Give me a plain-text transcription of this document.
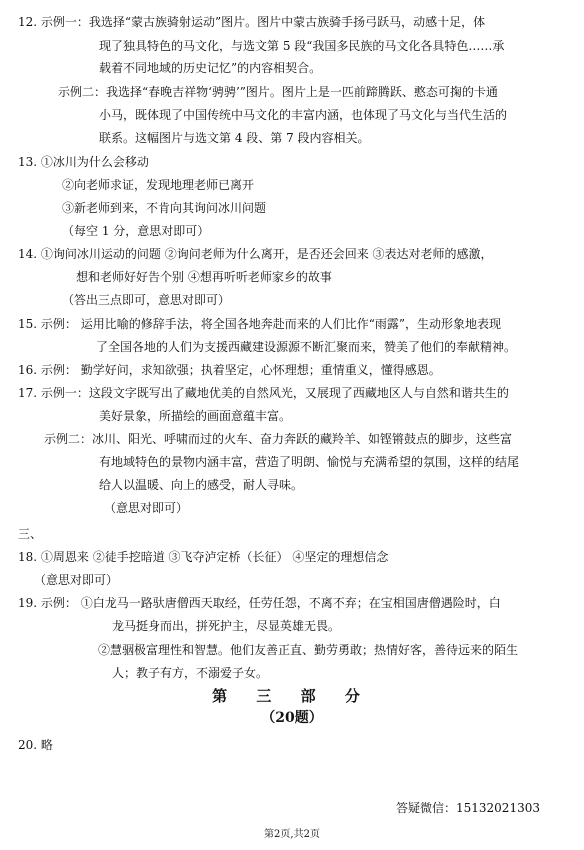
12. 示例一：我选择“蒙古族骑射运动”图片。图片中蒙古族骑手扬弓跃马，动感十足，体
现了独具特色的马文化，与选文第 5 段“我国多民族的马文化各具特色……承
载着不同地域的历史记忆”的内容相契合。
示例二：我选择“春晚吉祥物‘骋骋’”图片。图片上是一匹前蹄腾跃、憨态可掬的卡通
小马，既体现了中国传统中马文化的丰富内涵，也体现了马文化与当代生活的
联系。这幅图片与选文第 4 段、第 7 段内容相关。
13. ①冰川为什么会移动
②向老师求证，发现地理老师已离开
③新老师到来，不肯向其询问冰川问题
（每空 1 分，意思对即可）
14. ①询问冰川运动的问题 ②询问老师为什么离开，是否还会回来 ③表达对老师的感激，
想和老师好好告个别 ④想再听听老师家乡的故事
（答出三点即可，意思对即可）
15. 示例： 运用比喻的修辞手法，将全国各地奔赴而来的人们比作“雨露”，生动形象地表现
了全国各地的人们为支援西藏建设源源不断汇聚而来，赞美了他们的奉献精神。
16. 示例： 勤学好问，求知欲强；执着坚定，心怀理想；重情重义，懂得感恩。
17. 示例一：这段文字既写出了藏地优美的自然风光，又展现了西藏地区人与自然和谐共生的
美好景象，所描绘的画面意蕴丰富。
示例二：冰川、阳光、呼啸而过的火车、奋力奔跃的藏羚羊、如铿锵鼓点的脚步，这些富
有地域特色的景物内涵丰富，营造了明朗、愉悦与充满希望的氛围，这样的结尾
给人以温暖、向上的感受，耐人寻味。
（意思对即可）
三、
18. ①周恩来 ②徒手挖暗道 ③飞夺泸定桥（长征） ④坚定的理想信念
（意思对即可）
19. 示例： ①白龙马一路驮唐僧西天取经，任劳任怨，不离不弃；在宝相国唐僧遇险时，白
龙马挺身而出，拼死护主，尽显英雄无畏。
②慧骃极富理性和智慧。他们友善正直、勤劳勇敢；热情好客，善待远来的陌生
人；教子有方，不溺爱子女。
第 三 部 分
（20题）
20. 略
答疑微信：15132021303
第2页,共2页
